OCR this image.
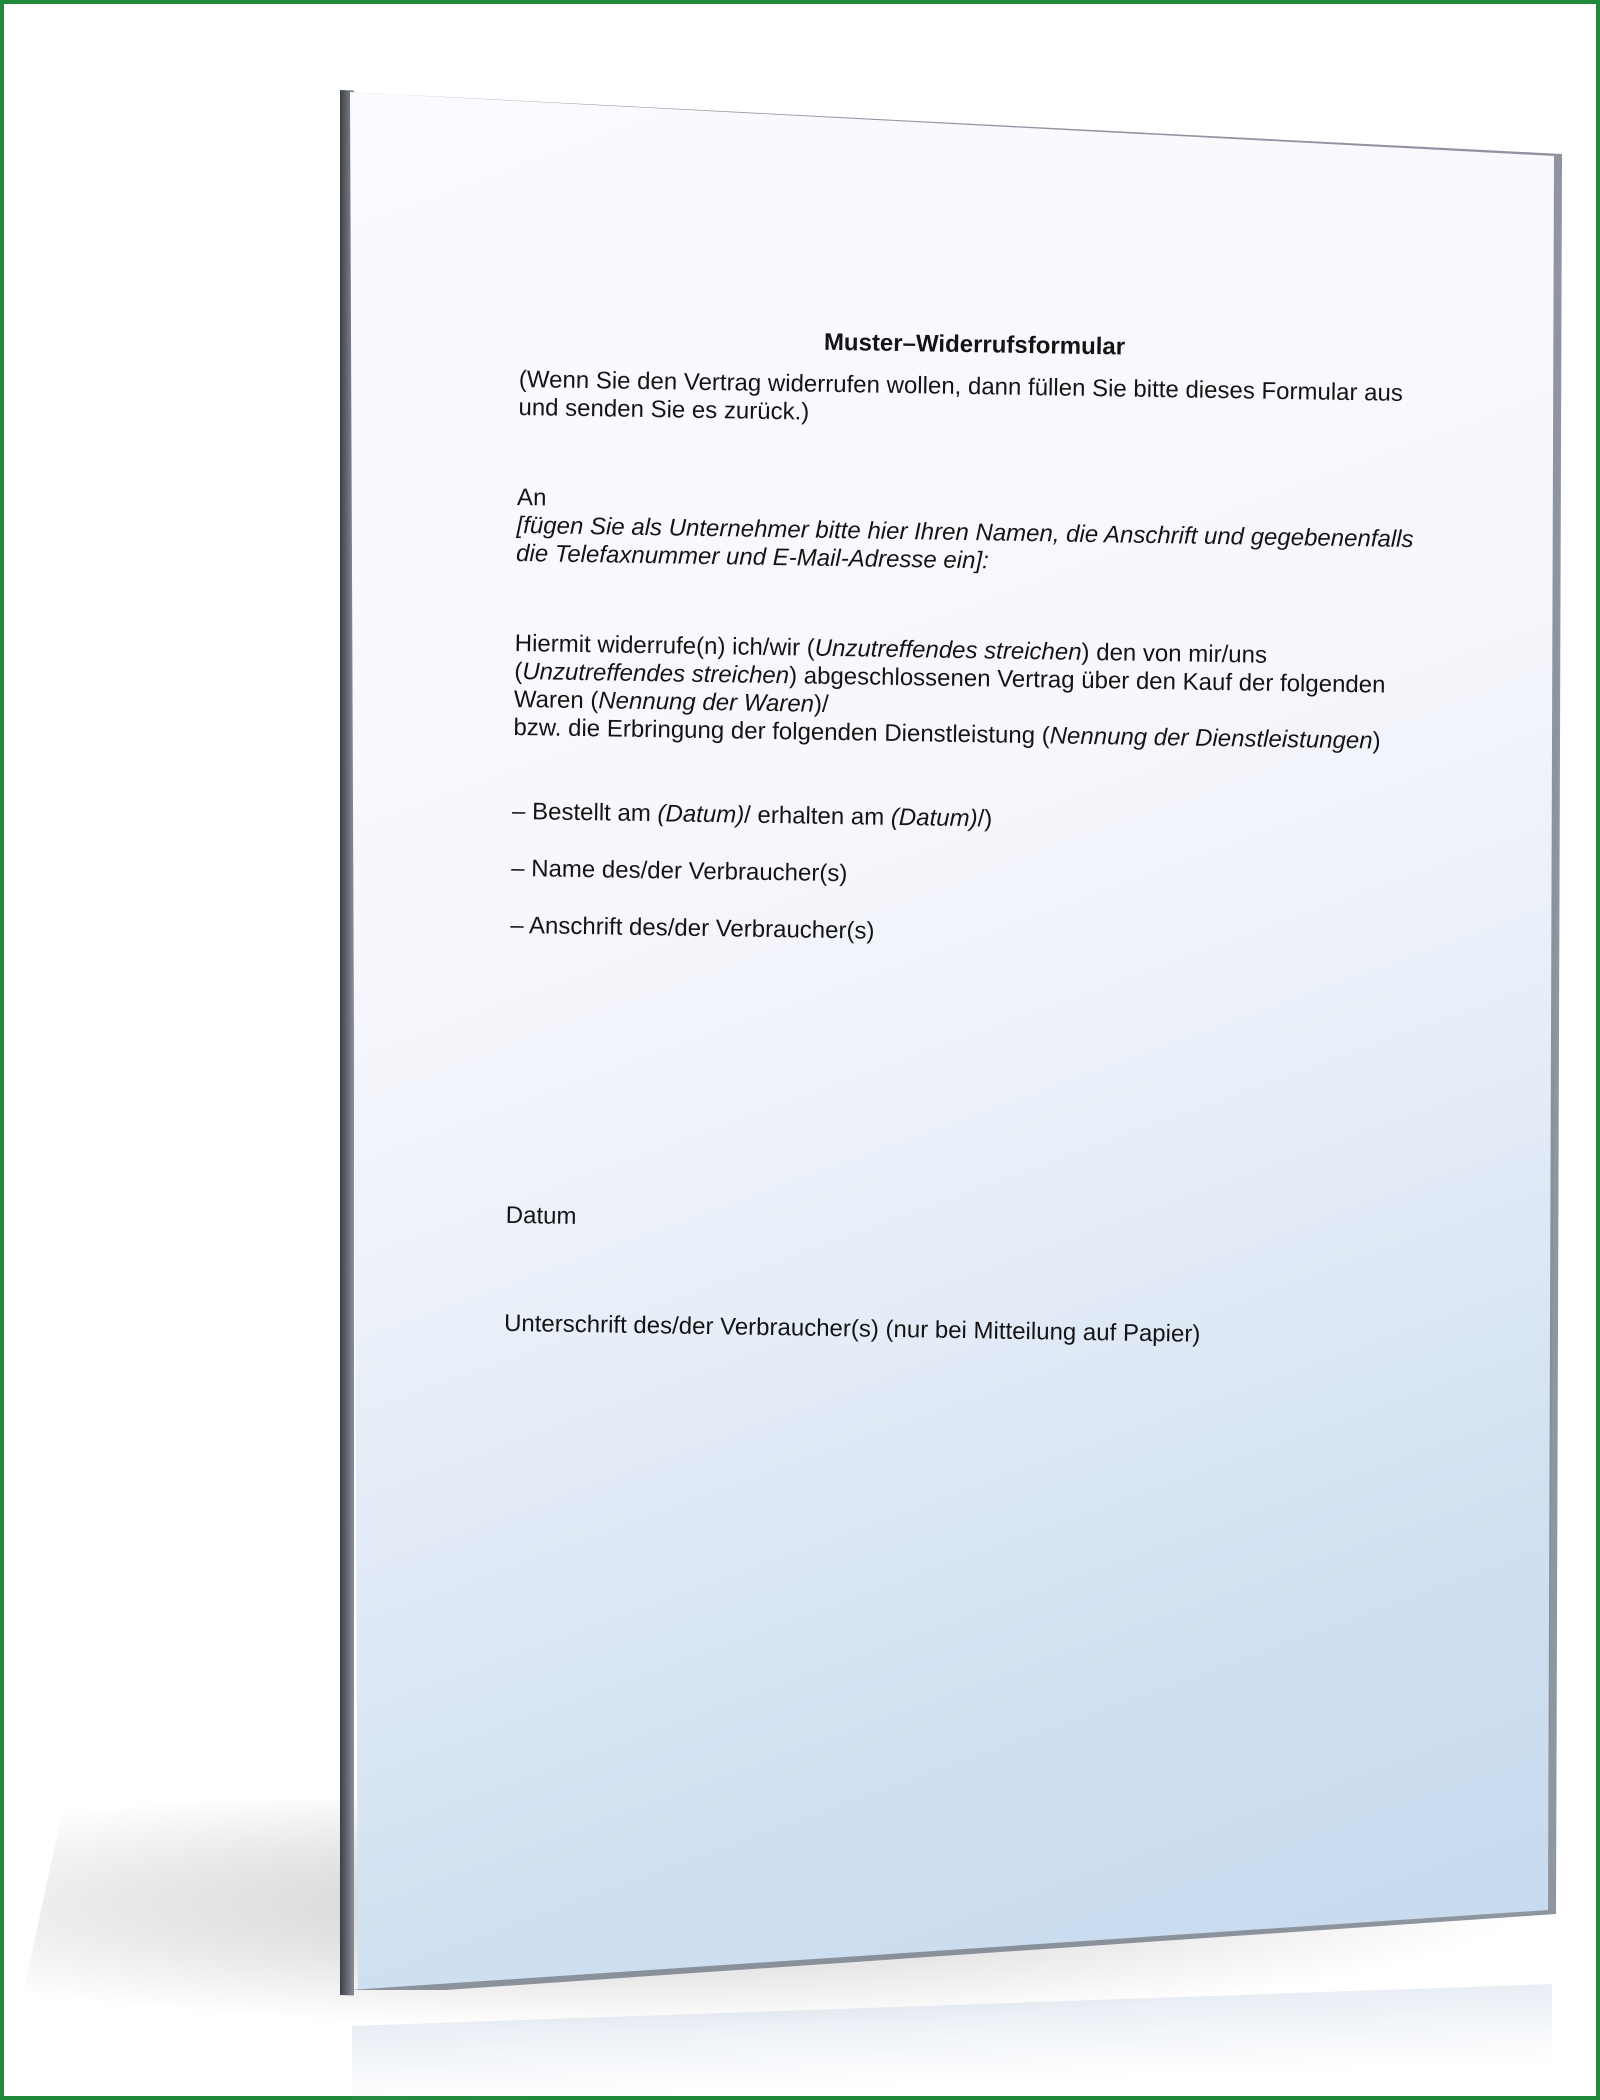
Muster–Widerrufsformular

(Wenn Sie den Vertrag widerrufen wollen, dann füllen Sie bitte dieses Formular aus und senden Sie es zurück.)

An

[fügen Sie als Unternehmer bitte hier Ihren Namen, die Anschrift und gegebenenfalls die Telefaxnummer und E-Mail-Adresse ein]:

Hiermit widerrufe(n) ich/wir (Unzutreffendes streichen) den von mir/uns (Unzutreffendes streichen) abgeschlossenen Vertrag über den Kauf der folgenden Waren (Nennung der Waren)/

bzw. die Erbringung der folgenden Dienstleistung (Nennung der Dienstleistungen)

– Bestellt am (Datum)/ erhalten am (Datum)/)

– Name des/der Verbraucher(s)

– Anschrift des/der Verbraucher(s)

Datum

Unterschrift des/der Verbraucher(s) (nur bei Mitteilung auf Papier)
